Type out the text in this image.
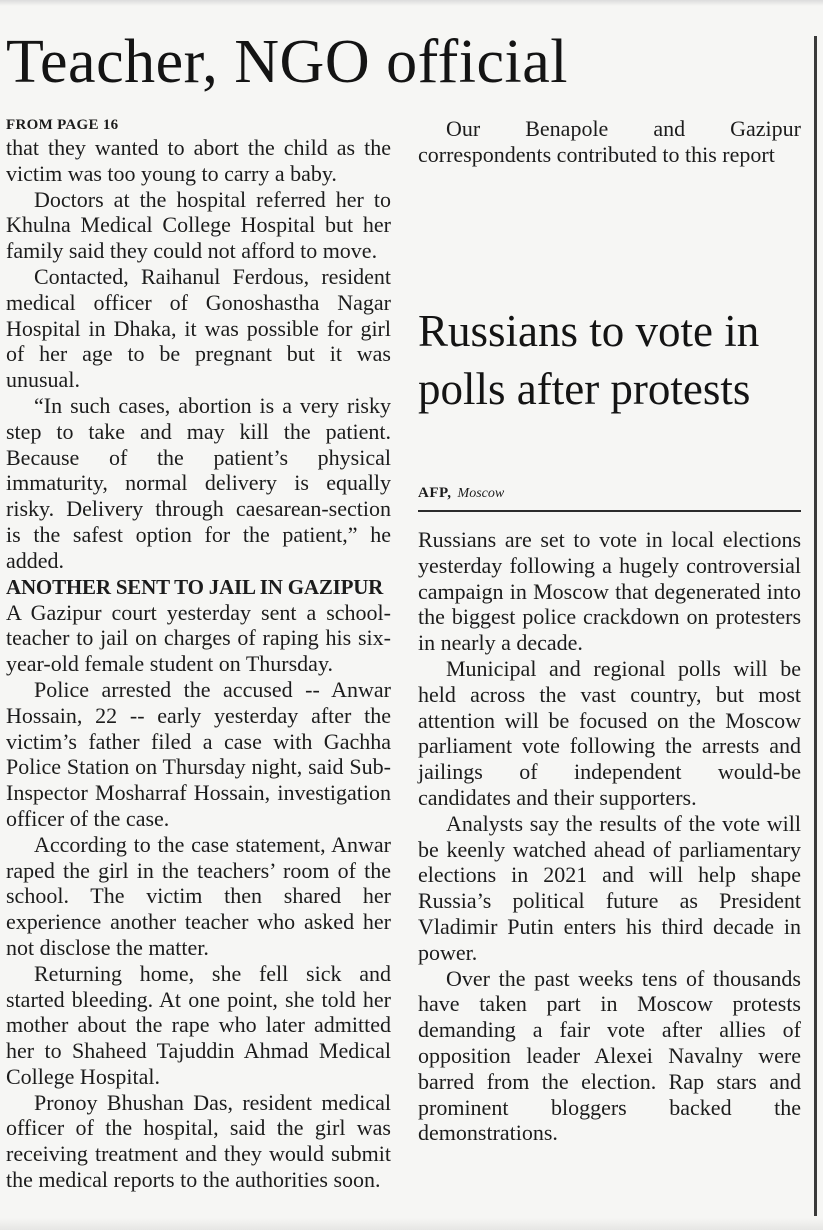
Teacher, NGO official

FROM PAGE 16

that they wanted to abort the child as the victim was too young to carry a baby.

Doctors at the hospital referred her to Khulna Medical College Hospital but her family said they could not afford to move.

Contacted, Raihanul Ferdous, resident medical officer of Gonoshastha Nagar Hospital in Dhaka, it was possible for girl of her age to be pregnant but it was unusual.

“In such cases, abortion is a very risky step to take and may kill the patient. Because of the patient’s physical immaturity, normal delivery is equally risky. Delivery through caesarean-section is the safest option for the patient,” he added.

ANOTHER SENT TO JAIL IN GAZIPUR

A Gazipur court yesterday sent a school-teacher to jail on charges of raping his six-year-old female student on Thursday.

Police arrested the accused -- Anwar Hossain, 22 -- early yesterday after the victim’s father filed a case with Gachha Police Station on Thursday night, said Sub-Inspector Mosharraf Hossain, investigation officer of the case.

According to the case statement, Anwar raped the girl in the teachers’ room of the school. The victim then shared her experience another teacher who asked her not disclose the matter.

Returning home, she fell sick and started bleeding. At one point, she told her mother about the rape who later admitted her to Shaheed Tajuddin Ahmad Medical College Hospital.

Pronoy Bhushan Das, resident medical officer of the hospital, said the girl was receiving treatment and they would submit the medical reports to the authorities soon.

Our Benapole and Gazipur correspondents contributed to this report

Russians to vote in polls after protests
AFP, Moscow

Russians are set to vote in local elections yesterday following a hugely controversial campaign in Moscow that degenerated into the biggest police crackdown on protesters in nearly a decade.

Municipal and regional polls will be held across the vast country, but most attention will be focused on the Moscow parliament vote following the arrests and jailings of independent would-be candidates and their supporters.

Analysts say the results of the vote will be keenly watched ahead of parliamentary elections in 2021 and will help shape Russia’s political future as President Vladimir Putin enters his third decade in power.

Over the past weeks tens of thousands have taken part in Moscow protests demanding a fair vote after allies of opposition leader Alexei Navalny were barred from the election. Rap stars and prominent bloggers backed the demonstrations.
